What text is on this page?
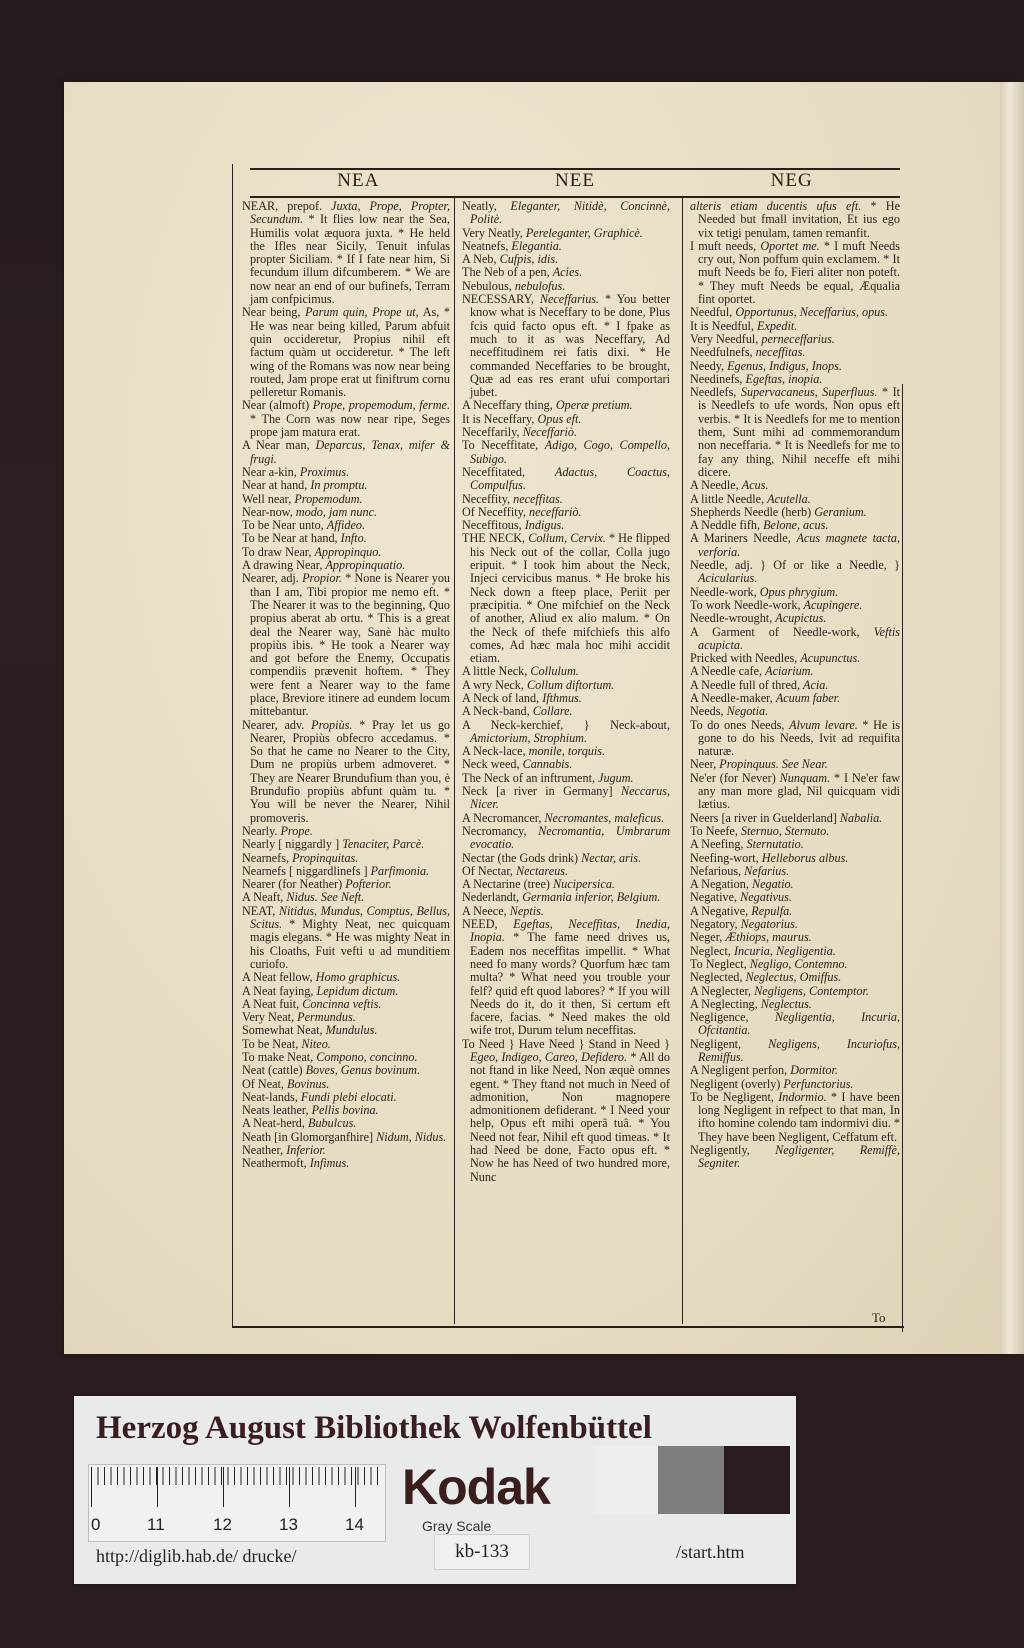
NEA	NEE	NEG

NEAR, prepof. Juxta, Prope, Propter, Secundum. * It flies low near the Sea, Humilis volat æquora juxta. * He held the Ifles near Sicily, Tenuit infulas propter Siciliam. * If I fate near him, Si fecundum illum difcumberem. * We are now near an end of our bufinefs, Terram jam confpicimus.

Near being, Parum quin, Prope ut, As, * He was near being killed, Parum abfuit quin occideretur, Propius nihil eft factum quàm ut occideretur. * The left wing of the Romans was now near being routed, Jam prope erat ut finiftrum cornu pelleretur Romanis.

Near (almoft) Prope, propemodum, ferme. * The Corn was now near ripe, Seges prope jam matura erat.

A Near man, Deparcus, Tenax, mifer & frugi.

Near a-kin, Proximus.

Near at hand, In promptu.

Well near, Propemodum.

Near-now, modo, jam nunc.

To be Near unto, Affideo.

To be Near at hand, Infto.

To draw Near, Appropinquo.

A drawing Near, Appropinquatio.

Nearer, adj. Propior. * None is Nearer you than I am, Tibi propior me nemo eft. * The Nearer it was to the beginning, Quo propius aberat ab ortu. * This is a great deal the Nearer way, Sanè hàc multo propiùs ibis. * He took a Nearer way and got before the Enemy, Occupatis compendiis prævenit hoftem. * They were fent a Nearer way to the fame place, Breviore itinere ad eundem locum mittebantur.

Nearer, adv. Propiùs. * Pray let us go Nearer, Propiùs obfecro accedamus. * So that he came no Nearer to the City, Dum ne propiùs urbem admoveret. * They are Nearer Brundufium than you, è Brundufio propiùs abfunt quàm tu. * You will be never the Nearer, Nihil promoveris.

Nearly. Prope.

Nearly [ niggardly ] Tenaciter, Parcè.

Nearnefs, Propinquitas.

Nearnefs [ niggardlinefs ] Parfimonia.

Nearer (for Neather) Pofterior.

A Neaft, Nidus. See Neft.

NEAT, Nitidus, Mundus, Comptus, Bellus, Scitus. * Mighty Neat, nec quicquam magis elegans. * He was mighty Neat in his Cloaths, Fuit vefti u ad munditiem curiofo.

A Neat fellow, Homo graphicus.

A Neat faying, Lepidum dictum.

A Neat fuit, Concinna veftis.

Very Neat, Permundus.

Somewhat Neat, Mundulus.

To be Neat, Niteo.

To make Neat, Compono, concinno.

Neat (cattle) Boves, Genus bovinum.

Of Neat, Bovinus.

Neat-lands, Fundi plebi elocati.

Neats leather, Pellis bovina.

A Neat-herd, Bubulcus.

Neath [in Glomorganfhire] Nidum, Nidus.

Neather, Inferior.

Neathermoft, Infimus.

Neatly, Eleganter, Nitidè, Concinnè, Politè.

Very Neatly, Pereleganter, Graphicè.

Neatnefs, Elegantia.

A Neb, Cufpis, idis.

The Neb of a pen, Acies.

Nebulous, nebulofus.

NECESSARY, Neceffarius. * You better know what is Neceffary to be done, Plus fcis quid facto opus eft. * I fpake as much to it as was Neceffary, Ad neceffitudinem rei fatis dixi. * He commanded Neceffaries to be brought, Quæ ad eas res erant ufui comportari jubet.

A Neceffary thing, Operæ pretium.

It is Neceffary, Opus eft.

Neceffarily, Neceffariò.

To Neceffitate, Adigo, Cogo, Compello, Subigo.

Neceffitated, Adactus, Coactus, Compulfus.

Neceffity, neceffitas.

Of Neceffity, neceffariò.

Neceffitous, Indigus.

THE NECK, Collum, Cervix. * He flipped his Neck out of the collar, Colla jugo eripuit. * I took him about the Neck, Injeci cervicibus manus. * He broke his Neck down a fteep place, Periit per præcipitia. * One mifchief on the Neck of another, Aliud ex alio malum. * On the Neck of thefe mifchiefs this alfo comes, Ad hæc mala hoc mihi accidit etiam.

A little Neck, Collulum.

A wry Neck, Collum diftortum.

A Neck of land, Ifthmus.

A Neck-band, Collare.

A Neck-kerchief, } Neck-about, Amictorium, Strophium.

A Neck-lace, monile, torquis.

Neck weed, Cannabis.

The Neck of an inftrument, Jugum.

Neck [a river in Germany] Neccarus, Nicer.

A Necromancer, Necromantes, maleficus.

Necromancy, Necromantia, Umbrarum evocatio.

Nectar (the Gods drink) Nectar, aris.

Of Nectar, Nectareus.

A Nectarine (tree) Nucipersica.

Nederlandt, Germania inferior, Belgium.

A Neece, Neptis.

NEED, Egeftas, Neceffitas, Inedia, Inopia. * The fame need drives us, Eadem nos neceffitas impellit. * What need fo many words? Quorfum hæc tam multa? * What need you trouble your felf? quid eft quod labores? * If you will Needs do it, do it then, Si certum eft facere, facias. * Need makes the old wife trot, Durum telum neceffitas.

To Need } Have Need } Stand in Need } Egeo, Indigeo, Careo, Defidero. * All do not ftand in like Need, Non æquè omnes egent. * They ftand not much in Need of admonition, Non magnopere admonitionem defiderant. * I Need your help, Opus eft mihi operâ tuâ. * You Need not fear, Nihil eft quod timeas. * It had Need be done, Facto opus eft. * Now he has Need of two hundred more, Nunc

alteris etiam ducentis ufus eft. * He Needed but fmall invitation, Et ius ego vix tetigi penulam, tamen remanfit.

I muft needs, Oportet me. * I muft Needs cry out, Non poffum quin exclamem. * It muft Needs be fo, Fieri aliter non poteft. * They muft Needs be equal, Æqualia fint oportet.

Needful, Opportunus, Neceffarius, opus.

It is Needful, Expedit.

Very Needful, perneceffarius.

Needfulnefs, neceffitas.

Needy, Egenus, Indigus, Inops.

Needinefs, Egeftas, inopia.

Needlefs, Supervacaneus, Superfluus. * It is Needlefs to ufe words, Non opus eft verbis. * It is Needlefs for me to mention them, Sunt mihi ad commemorandum non neceffaria. * It is Needlefs for me to fay any thing, Nihil neceffe eft mihi dicere.

A Needle, Acus.

A little Needle, Acutella.

Shepherds Needle (herb) Geranium.

A Neddle fifh, Belone, acus.

A Mariners Needle, Acus magnete tacta, verforia.

Needle, adj. } Of or like a Needle, } Acicularius.

Needle-work, Opus phrygium.

To work Needle-work, Acupingere.

Needle-wrought, Acupictus.

A Garment of Needle-work, Veftis acupicta.

Pricked with Needles, Acupunctus.

A Needle cafe, Aciarium.

A Needle full of thred, Acia.

A Needle-maker, Acuum faber.

Needs, Negotia.

To do ones Needs, Alvum levare. * He is gone to do his Needs, Ivit ad requifita naturæ.

Neer, Propinquus. See Near.

Ne'er (for Never) Nunquam. * I Ne'er faw any man more glad, Nil quicquam vidi lætius.

Neers [a river in Guelderland] Nabalia.

To Neefe, Sternuo, Sternuto.

A Neefing, Sternutatio.

Neefing-wort, Helleborus albus.

Nefarious, Nefarius.

A Negation, Negatio.

Negative, Negativus.

A Negative, Repulfa.

Negatory, Negatorius.

Neger, Æthiops, maurus.

Neglect, Incuria, Negligentia.

To Neglect, Negligo, Contemno.

Neglected, Neglectus, Omiffus.

A Neglecter, Negligens, Contemptor.

A Neglecting, Neglectus.

Negligence, Negligentia, Incuria, Ofcitantia.

Negligent, Negligens, Incuriofus, Remiffus.

A Negligent perfon, Dormitor.

Negligent (overly) Perfunctorius.

To be Negligent, Indormio. * I have been long Negligent in refpect to that man, In ifto homine colendo tam indormivi diu. * They have been Negligent, Ceffatum eft.

Negligently, Negligenter, Remiffè, Segniter.

To
Herzog August Bibliothek Wolfenbüttel
0	11	12	13	14
Kodak
Gray Scale
http://diglib.hab.de/ drucke/	kb-133	/start.htm
